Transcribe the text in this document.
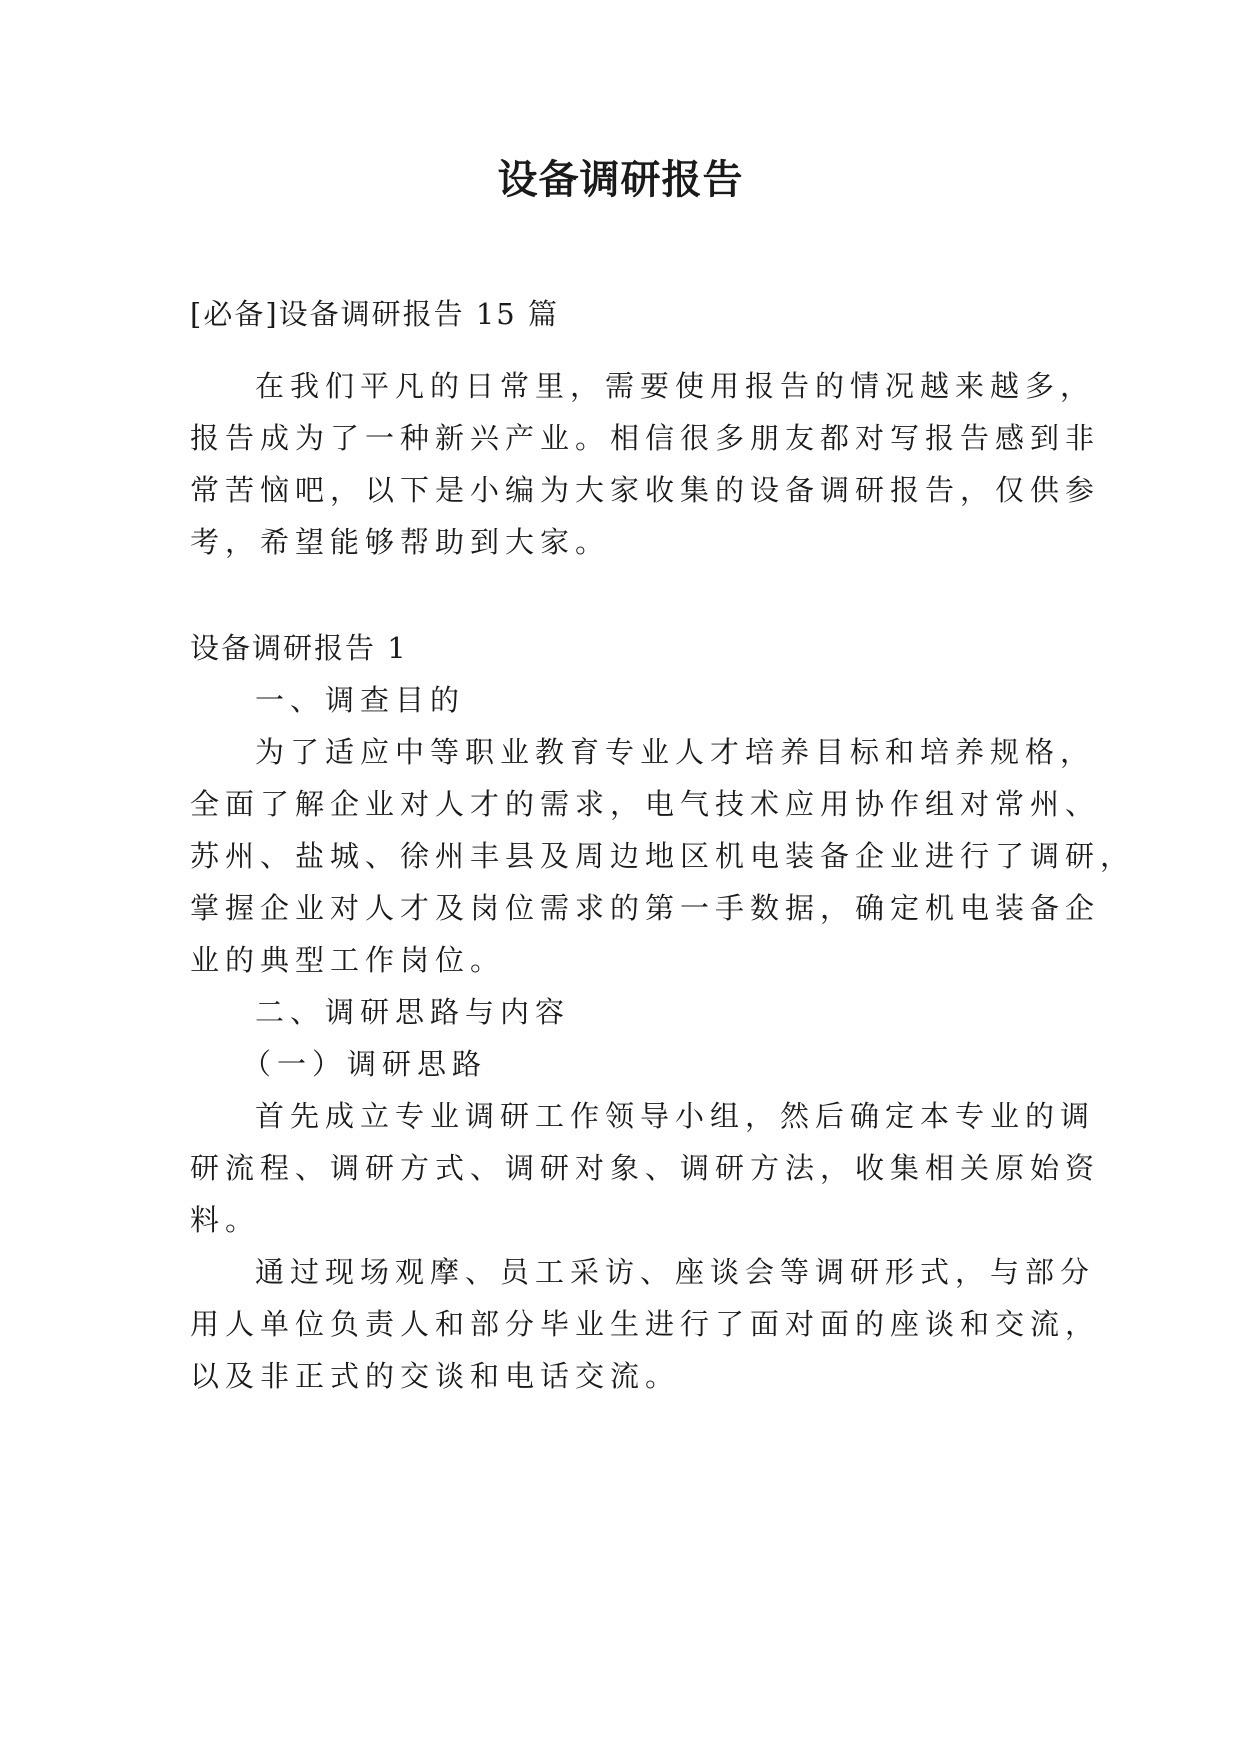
设备调研报告
[必备]设备调研报告 15 篇
在我们平凡的日常里，需要使用报告的情况越来越多，
报告成为了一种新兴产业。相信很多朋友都对写报告感到非
常苦恼吧，以下是小编为大家收集的设备调研报告，仅供参
考，希望能够帮助到大家。
设备调研报告 1
一、调查目的
为了适应中等职业教育专业人才培养目标和培养规格，
全面了解企业对人才的需求，电气技术应用协作组对常州、
苏州、盐城、徐州丰县及周边地区机电装备企业进行了调研，
掌握企业对人才及岗位需求的第一手数据，确定机电装备企
业的典型工作岗位。
二、调研思路与内容
（一）调研思路
首先成立专业调研工作领导小组，然后确定本专业的调
研流程、调研方式、调研对象、调研方法，收集相关原始资
料。
通过现场观摩、员工采访、座谈会等调研形式，与部分
用人单位负责人和部分毕业生进行了面对面的座谈和交流，
以及非正式的交谈和电话交流。
